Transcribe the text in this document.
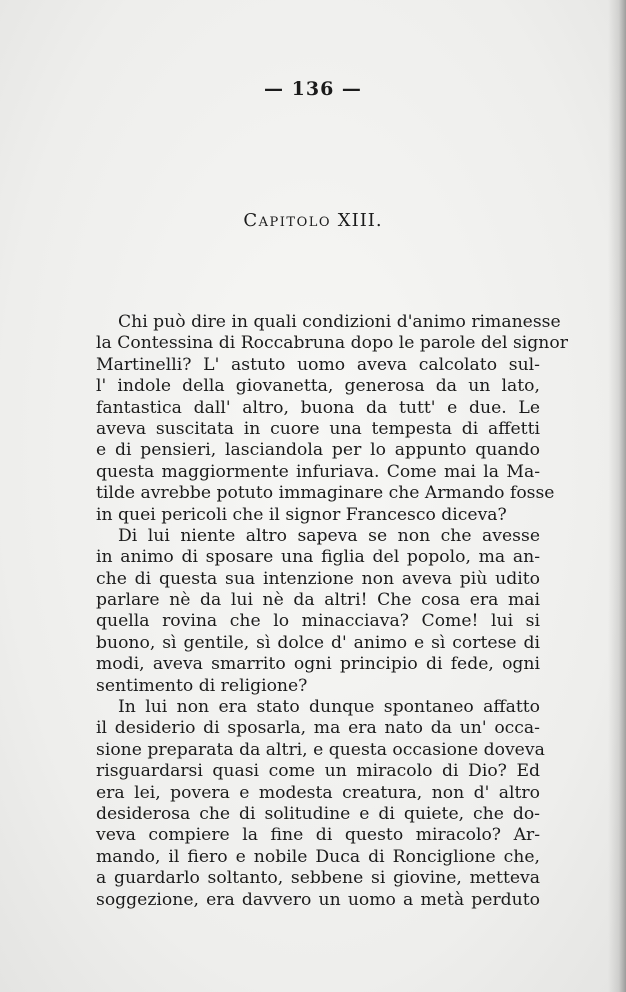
— 136 —
Capitolo XIII.
Chi può dire in quali condizioni d'animo rimanesse
la Contessina di Roccabruna dopo le parole del signor
Martinelli? L' astuto uomo aveva calcolato sul-
l' indole della giovanetta, generosa da un lato,
fantastica dall' altro, buona da tutt' e due. Le
aveva suscitata in cuore una tempesta di affetti
e di pensieri, lasciandola per lo appunto quando
questa maggiormente infuriava. Come mai la Ma-
tilde avrebbe potuto immaginare che Armando fosse
in quei pericoli che il signor Francesco diceva?
Di lui niente altro sapeva se non che avesse
in animo di sposare una figlia del popolo, ma an-
che di questa sua intenzione non aveva più udito
parlare nè da lui nè da altri! Che cosa era mai
quella rovina che lo minacciava? Come! lui si
buono, sì gentile, sì dolce d' animo e sì cortese di
modi, aveva smarrito ogni principio di fede, ogni
sentimento di religione?
In lui non era stato dunque spontaneo affatto
il desiderio di sposarla, ma era nato da un' occa-
sione preparata da altri, e questa occasione doveva
risguardarsi quasi come un miracolo di Dio? Ed
era lei, povera e modesta creatura, non d' altro
desiderosa che di solitudine e di quiete, che do-
veva compiere la fine di questo miracolo? Ar-
mando, il fiero e nobile Duca di Ronciglione che,
a guardarlo soltanto, sebbene si giovine, metteva
soggezione, era davvero un uomo a metà perduto
